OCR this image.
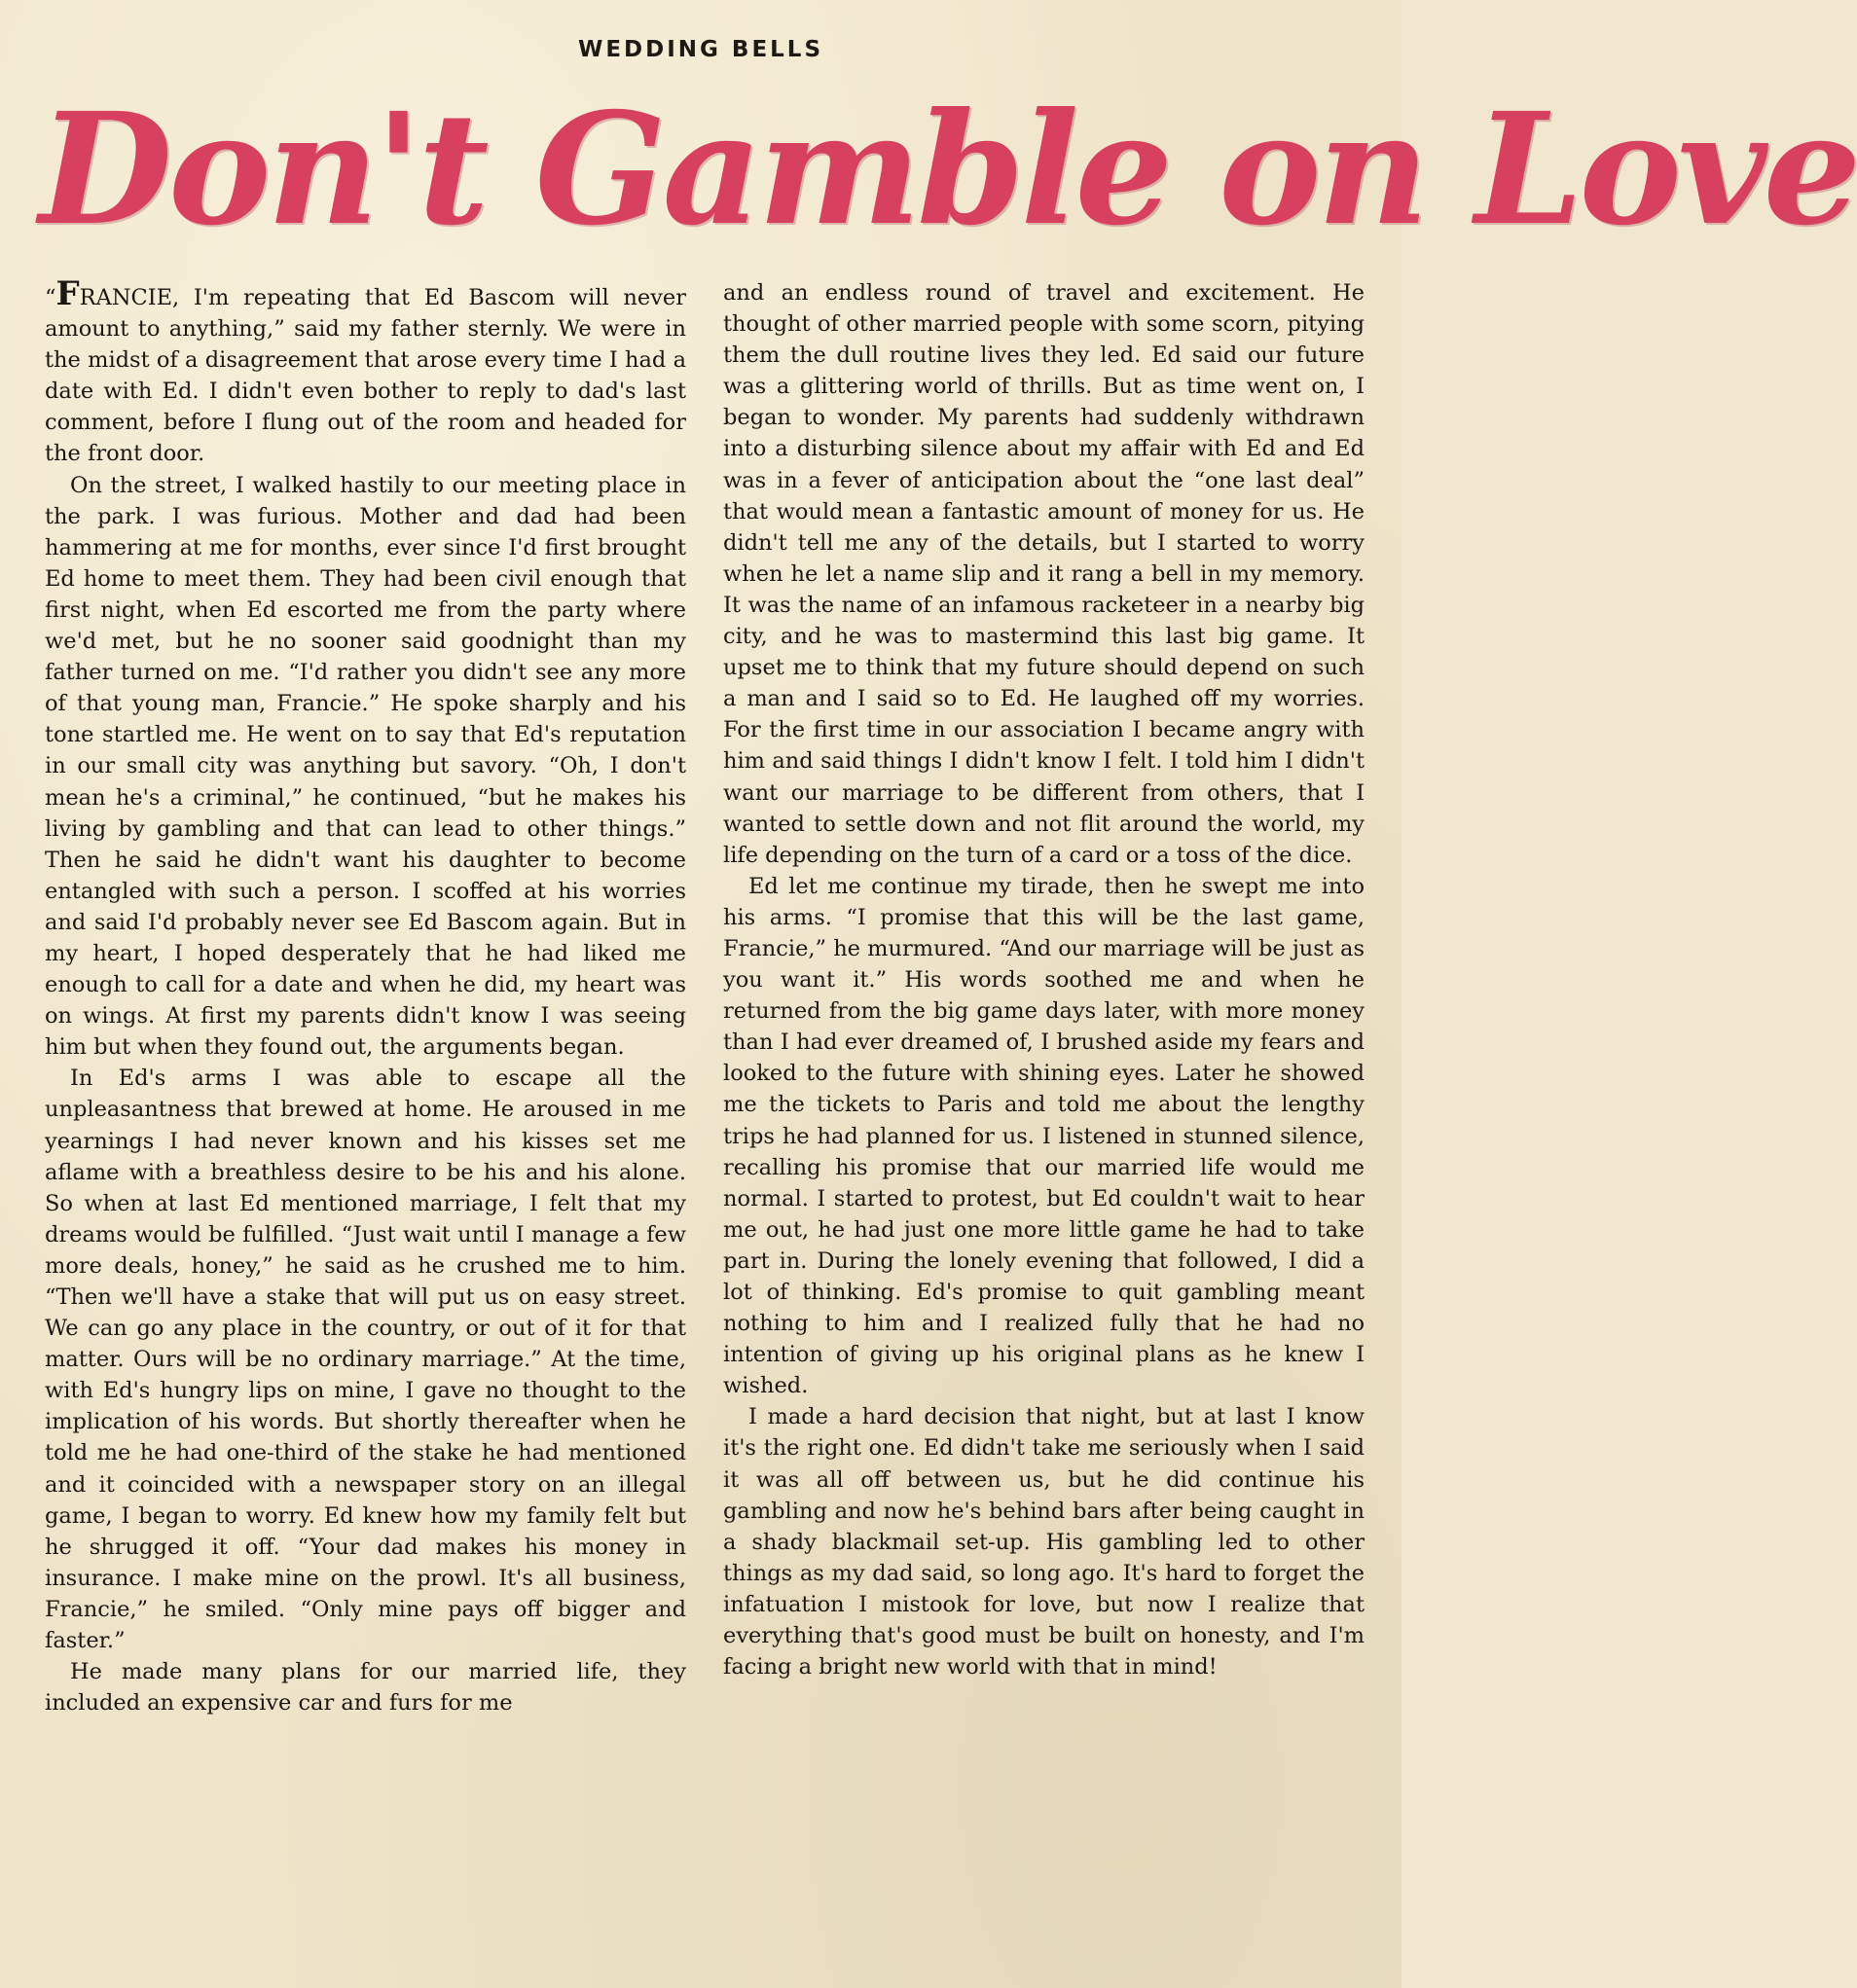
WEDDING BELLS
Don't Gamble on Love

“FRANCIE, I'm repeating that Ed Bascom will never amount to anything,” said my father sternly. We were in the midst of a disagreement that arose every time I had a date with Ed. I didn't even bother to reply to dad's last comment, before I flung out of the room and headed for the front door.

On the street, I walked hastily to our meeting place in the park. I was furious. Mother and dad had been hammering at me for months, ever since I'd first brought Ed home to meet them. They had been civil enough that first night, when Ed escorted me from the party where we'd met, but he no sooner said goodnight than my father turned on me. “I'd rather you didn't see any more of that young man, Francie.” He spoke sharply and his tone startled me. He went on to say that Ed's reputation in our small city was anything but savory. “Oh, I don't mean he's a criminal,” he continued, “but he makes his living by gambling and that can lead to other things.” Then he said he didn't want his daughter to become entangled with such a person. I scoffed at his worries and said I'd probably never see Ed Bascom again. But in my heart, I hoped desperately that he had liked me enough to call for a date and when he did, my heart was on wings. At first my parents didn't know I was seeing him but when they found out, the arguments began.

In Ed's arms I was able to escape all the unpleasantness that brewed at home. He aroused in me yearnings I had never known and his kisses set me aflame with a breathless desire to be his and his alone. So when at last Ed mentioned marriage, I felt that my dreams would be fulfilled. “Just wait until I manage a few more deals, honey,” he said as he crushed me to him. “Then we'll have a stake that will put us on easy street. We can go any place in the country, or out of it for that matter. Ours will be no ordinary marriage.” At the time, with Ed's hungry lips on mine, I gave no thought to the implication of his words. But shortly thereafter when he told me he had one-third of the stake he had mentioned and it coincided with a newspaper story on an illegal game, I began to worry. Ed knew how my family felt but he shrugged it off. “Your dad makes his money in insurance. I make mine on the prowl. It's all business, Francie,” he smiled. “Only mine pays off bigger and faster.”

He made many plans for our married life, they included an expensive car and furs for me

and an endless round of travel and excitement. He thought of other married people with some scorn, pitying them the dull routine lives they led. Ed said our future was a glittering world of thrills. But as time went on, I began to wonder. My parents had suddenly withdrawn into a disturbing silence about my affair with Ed and Ed was in a fever of anticipation about the “one last deal” that would mean a fantastic amount of money for us. He didn't tell me any of the details, but I started to worry when he let a name slip and it rang a bell in my memory. It was the name of an infamous racketeer in a nearby big city, and he was to mastermind this last big game. It upset me to think that my future should depend on such a man and I said so to Ed. He laughed off my worries. For the first time in our association I became angry with him and said things I didn't know I felt. I told him I didn't want our marriage to be different from others, that I wanted to settle down and not flit around the world, my life depending on the turn of a card or a toss of the dice.

Ed let me continue my tirade, then he swept me into his arms. “I promise that this will be the last game, Francie,” he murmured. “And our marriage will be just as you want it.” His words soothed me and when he returned from the big game days later, with more money than I had ever dreamed of, I brushed aside my fears and looked to the future with shining eyes. Later he showed me the tickets to Paris and told me about the lengthy trips he had planned for us. I listened in stunned silence, recalling his promise that our married life would me normal. I started to protest, but Ed couldn't wait to hear me out, he had just one more little game he had to take part in. During the lonely evening that followed, I did a lot of thinking. Ed's promise to quit gambling meant nothing to him and I realized fully that he had no intention of giving up his original plans as he knew I wished.

I made a hard decision that night, but at last I know it's the right one. Ed didn't take me seriously when I said it was all off between us, but he did continue his gambling and now he's behind bars after being caught in a shady blackmail set-up. His gambling led to other things as my dad said, so long ago. It's hard to forget the infatuation I mistook for love, but now I realize that everything that's good must be built on honesty, and I'm facing a bright new world with that in mind!
